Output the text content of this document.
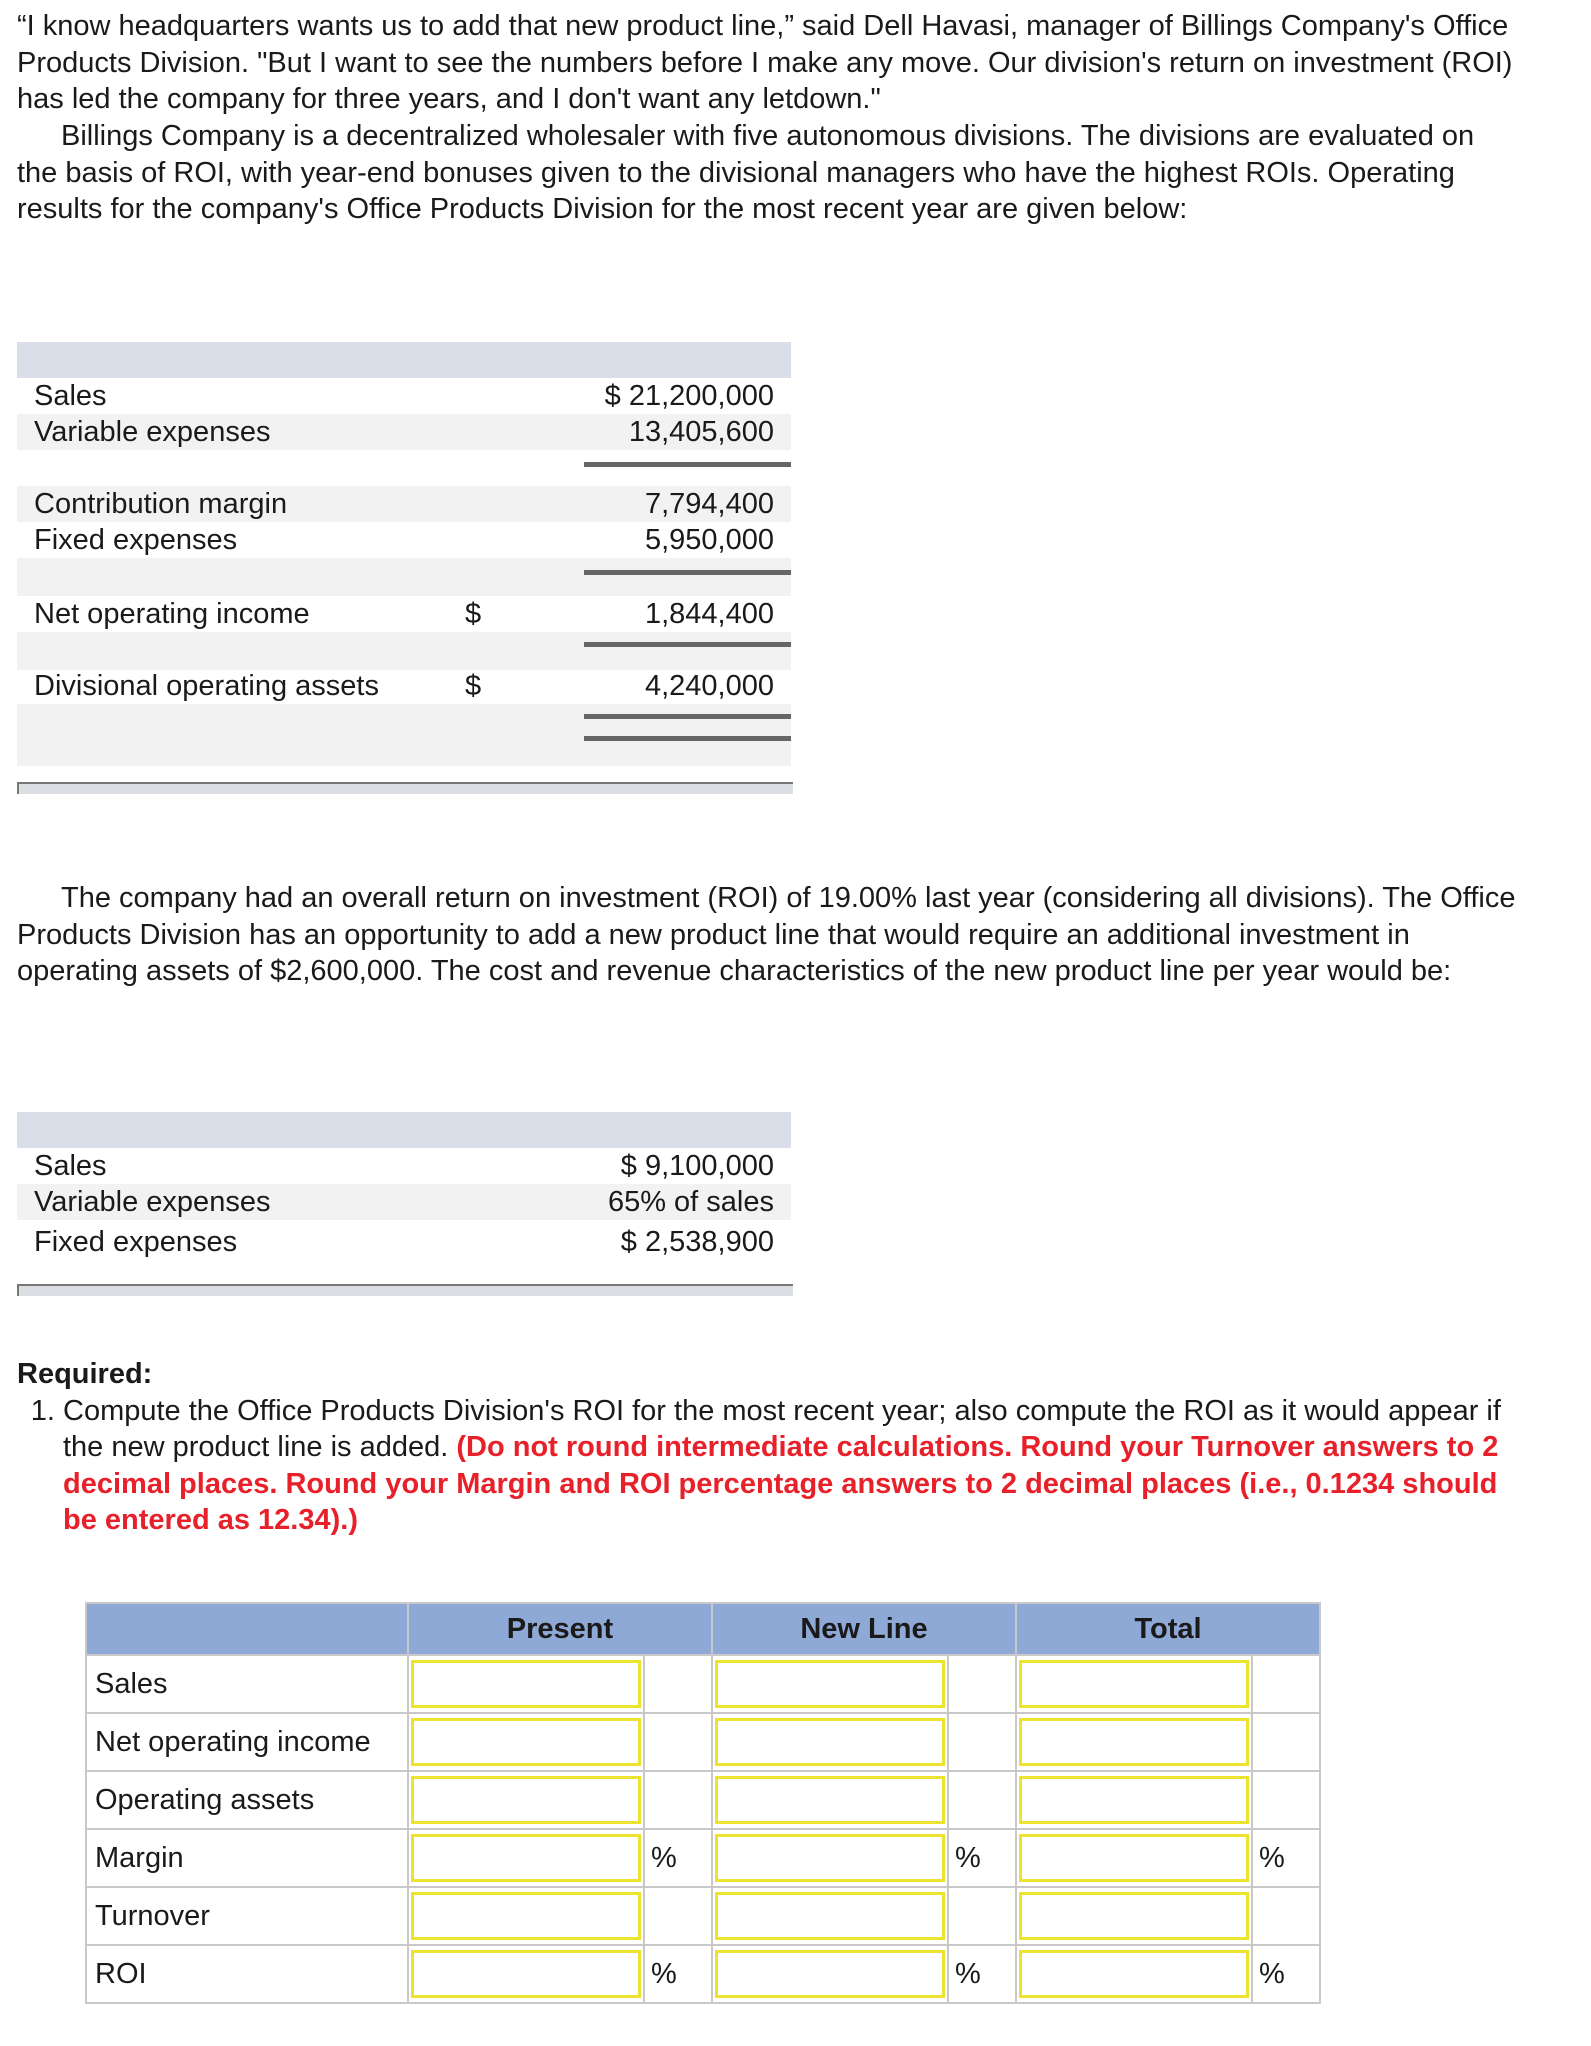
“I know headquarters wants us to add that new product line,” said Dell Havasi, manager of Billings Company's Office Products Division. "But I want to see the numbers before I make any move. Our division's return on investment (ROI) has led the company for three years, and I don't want any letdown."

Billings Company is a decentralized wholesaler with five autonomous divisions. The divisions are evaluated on the basis of ROI, with year-end bonuses given to the divisional managers who have the highest ROIs. Operating results for the company's Office Products Division for the most recent year are given below:

Sales	$ 21,200,000
Variable expenses	13,405,600
Contribution margin	7,794,400
Fixed expenses	5,950,000
Net operating income	$	1,844,400
Divisional operating assets	$	4,240,000

The company had an overall return on investment (ROI) of 19.00% last year (considering all divisions). The Office Products Division has an opportunity to add a new product line that would require an additional investment in operating assets of $2,600,000. The cost and revenue characteristics of the new product line per year would be:

Sales	$ 9,100,000
Variable expenses	65% of sales
Fixed expenses	$ 2,538,900
Required:
1. Compute the Office Products Division's ROI for the most recent year; also compute the ROI as it would appear if the new product line is added. (Do not round intermediate calculations. Round your Turnover answers to 2 decimal places. Round your Margin and ROI percentage answers to 2 decimal places (i.e., 0.1234 should be entered as 12.34).)
	Present		New Line		Total	
Sales						
Net operating income						
Operating assets						
Margin		%		%		%
Turnover						
ROI		%		%		%
